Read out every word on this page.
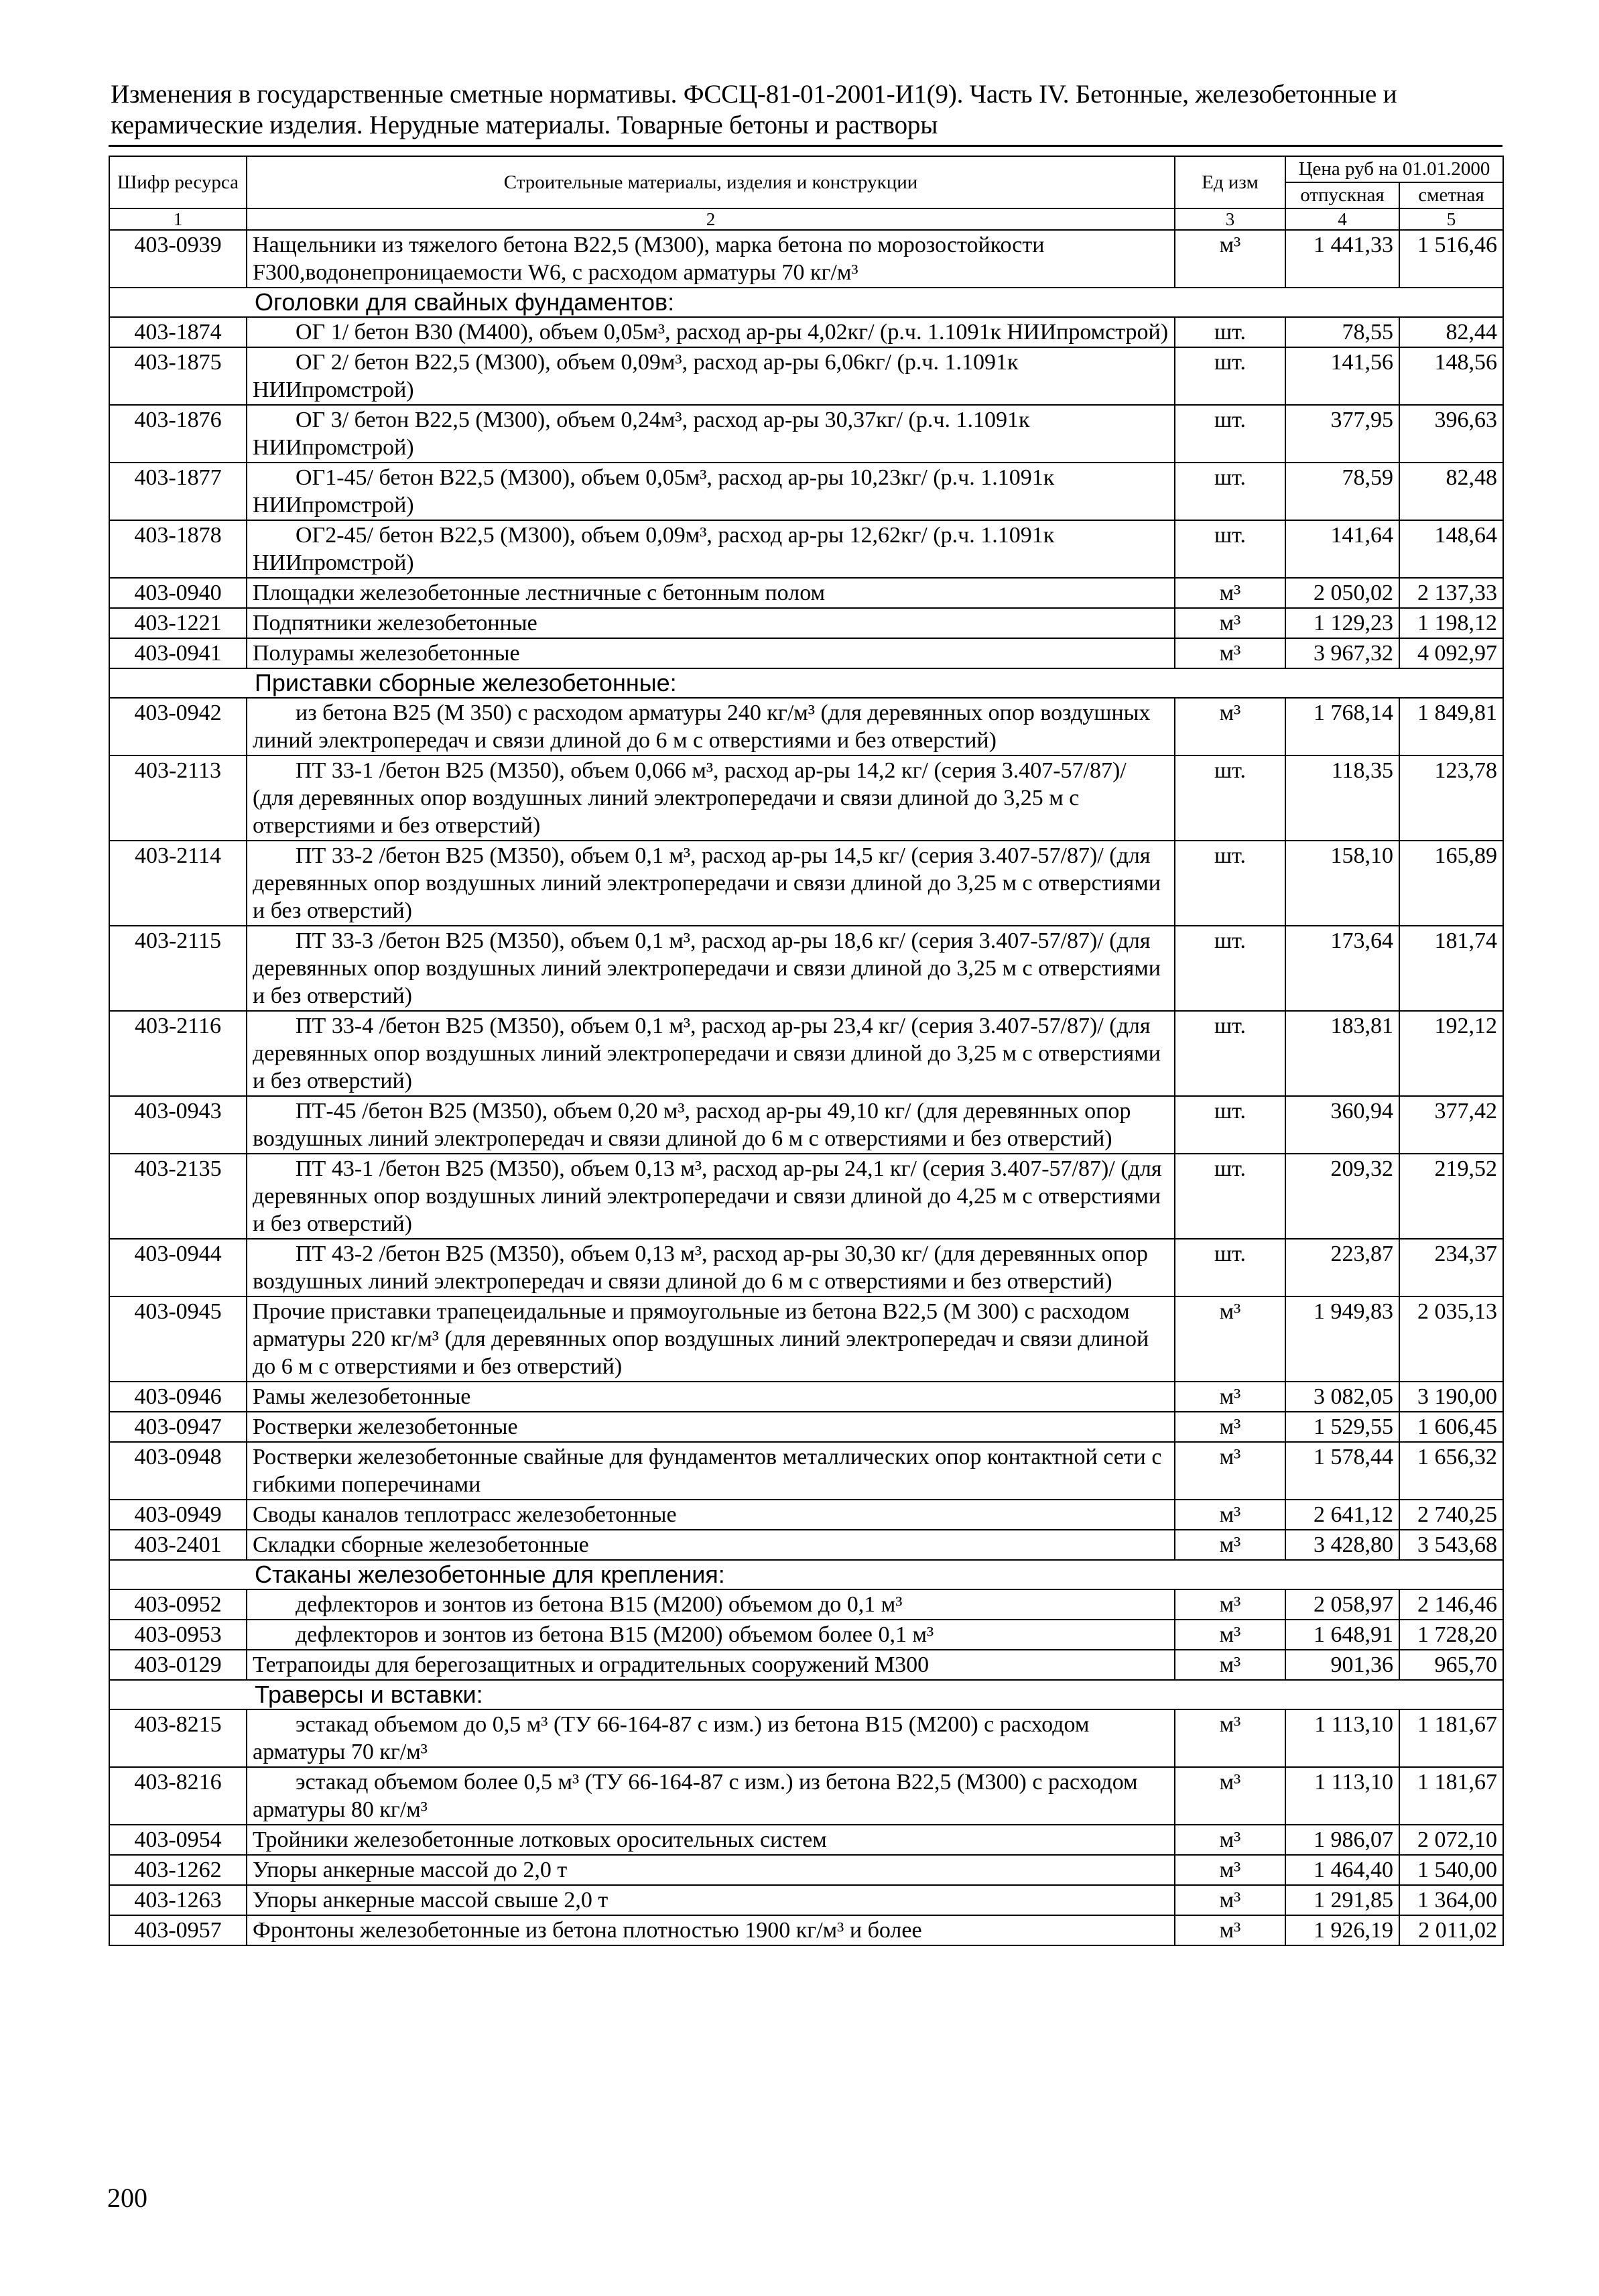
Изменения в государственные сметные нормативы. ФССЦ-81-01-2001-И1(9). Часть IV. Бетонные, железобетонные и керамические изделия. Нерудные материалы. Товарные бетоны и растворы
Шифр ресурса	Строительные материалы, изделия и конструкции	Ед изм	Цена руб на 01.01.2000	
			отпускная	сметная
1	2	3	4	5
403-0939	Нащельники из тяжелого бетона В22,5 (М300), марка бетона по морозостойкости F300,водонепроницаемости W6, с расходом арматуры 70 кг/м³	м³	1 441,33	1 516,46
	Оголовки для свайных фундаментов:			
403-1874	ОГ 1/ бетон В30 (М400), объем 0,05м³, расход ар-ры 4,02кг/ (р.ч. 1.1091к НИИпромстрой)	шт.	78,55	82,44
403-1875	ОГ 2/ бетон В22,5 (М300), объем 0,09м³, расход ар-ры 6,06кг/ (р.ч. 1.1091к НИИпромстрой)	шт.	141,56	148,56
403-1876	ОГ 3/ бетон В22,5 (М300), объем 0,24м³, расход ар-ры 30,37кг/ (р.ч. 1.1091к НИИпромстрой)	шт.	377,95	396,63
403-1877	ОГ1-45/ бетон В22,5 (М300), объем 0,05м³, расход ар-ры 10,23кг/ (р.ч. 1.1091к НИИпромстрой)	шт.	78,59	82,48
403-1878	ОГ2-45/ бетон В22,5 (М300), объем 0,09м³, расход ар-ры 12,62кг/ (р.ч. 1.1091к НИИпромстрой)	шт.	141,64	148,64
403-0940	Площадки железобетонные лестничные с бетонным полом	м³	2 050,02	2 137,33
403-1221	Подпятники железобетонные	м³	1 129,23	1 198,12
403-0941	Полурамы железобетонные	м³	3 967,32	4 092,97
	Приставки сборные железобетонные:			
403-0942	из бетона В25 (М 350) с расходом арматуры 240 кг/м³ (для деревянных опор воздушных линий электропередач и связи длиной до 6 м с отверстиями и без отверстий)	м³	1 768,14	1 849,81
403-2113	ПТ 33-1 /бетон В25 (М350), объем 0,066 м³, расход ар-ры 14,2 кг/ (серия 3.407-57/87)/ (для деревянных опор воздушных линий электропередачи и связи длиной до 3,25 м с отверстиями и без отверстий)	шт.	118,35	123,78
403-2114	ПТ 33-2 /бетон В25 (М350), объем 0,1 м³, расход ар-ры 14,5 кг/ (серия 3.407-57/87)/ (для деревянных опор воздушных линий электропередачи и связи длиной до 3,25 м с отверстиями и без отверстий)	шт.	158,10	165,89
403-2115	ПТ 33-3 /бетон В25 (М350), объем 0,1 м³, расход ар-ры 18,6 кг/ (серия 3.407-57/87)/ (для деревянных опор воздушных линий электропередачи и связи длиной до 3,25 м с отверстиями и без отверстий)	шт.	173,64	181,74
403-2116	ПТ 33-4 /бетон В25 (М350), объем 0,1 м³, расход ар-ры 23,4 кг/ (серия 3.407-57/87)/ (для деревянных опор воздушных линий электропередачи и связи длиной до 3,25 м с отверстиями и без отверстий)	шт.	183,81	192,12
403-0943	ПТ-45 /бетон В25 (М350), объем 0,20 м³, расход ар-ры 49,10 кг/ (для деревянных опор воздушных линий электропередач и связи длиной до 6 м с отверстиями и без отверстий)	шт.	360,94	377,42
403-2135	ПТ 43-1 /бетон В25 (М350), объем 0,13 м³, расход ар-ры 24,1 кг/ (серия 3.407-57/87)/ (для деревянных опор воздушных линий электропередачи и связи длиной до 4,25 м с отверстиями и без отверстий)	шт.	209,32	219,52
403-0944	ПТ 43-2 /бетон В25 (М350), объем 0,13 м³, расход ар-ры 30,30 кг/ (для деревянных опор воздушных линий электропередач и связи длиной до 6 м с отверстиями и без отверстий)	шт.	223,87	234,37
403-0945	Прочие приставки трапецеидальные и прямоугольные из бетона В22,5 (М 300) с расходом арматуры 220 кг/м³ (для деревянных опор воздушных линий электропередач и связи длиной до 6 м с отверстиями и без отверстий)	м³	1 949,83	2 035,13
403-0946	Рамы железобетонные	м³	3 082,05	3 190,00
403-0947	Ростверки железобетонные	м³	1 529,55	1 606,45
403-0948	Ростверки железобетонные свайные для фундаментов металлических опор контактной сети с гибкими поперечинами	м³	1 578,44	1 656,32
403-0949	Своды каналов теплотрасс железобетонные	м³	2 641,12	2 740,25
403-2401	Складки сборные железобетонные	м³	3 428,80	3 543,68
	Стаканы железобетонные для крепления:			
403-0952	дефлекторов и зонтов из бетона В15 (М200) объемом до 0,1 м³	м³	2 058,97	2 146,46
403-0953	дефлекторов и зонтов из бетона В15 (М200) объемом более 0,1 м³	м³	1 648,91	1 728,20
403-0129	Тетрапоиды для берегозащитных и оградительных сооружений М300	м³	901,36	965,70
	Траверсы и вставки:			
403-8215	эстакад объемом до 0,5 м³ (ТУ 66-164-87 с изм.) из бетона В15 (М200) с расходом арматуры 70 кг/м³	м³	1 113,10	1 181,67
403-8216	эстакад объемом более 0,5 м³ (ТУ 66-164-87 с изм.) из бетона В22,5 (М300) с расходом арматуры 80 кг/м³	м³	1 113,10	1 181,67
403-0954	Тройники железобетонные лотковых оросительных систем	м³	1 986,07	2 072,10
403-1262	Упоры анкерные массой до 2,0 т	м³	1 464,40	1 540,00
403-1263	Упоры анкерные массой свыше 2,0 т	м³	1 291,85	1 364,00
403-0957	Фронтоны железобетонные из бетона плотностью 1900 кг/м³ и более	м³	1 926,19	2 011,02
200
